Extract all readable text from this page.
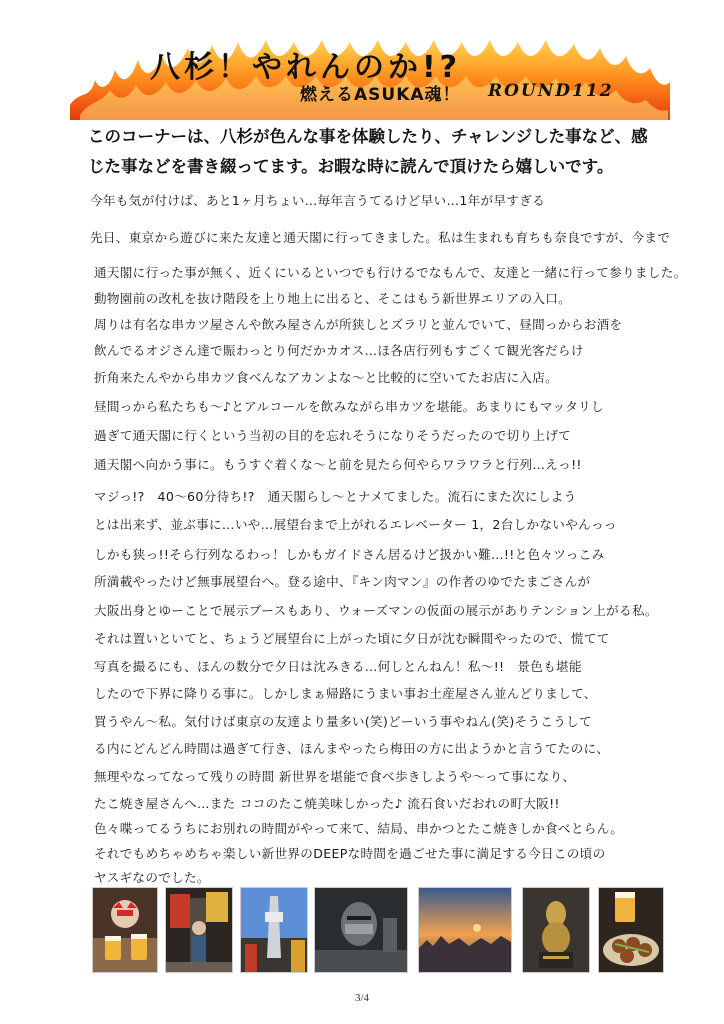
八杉！やれんのか!?
燃えるASUKA魂！ ROUND112
このコーナーは、八杉が色んな事を体験したり、チャレンジした事など、感じた事などを書き綴ってます。お暇な時に読んで頂けたら嬉しいです。
今年も気が付けば、あと1ヶ月ちょい…毎年言うてるけど早い…1年が早すぎる
先日、東京から遊びに来た友達と通天閣に行ってきました。私は生まれも育ちも奈良ですが、今まで
通天閣に行った事が無く、近くにいるといつでも行けるでなもんで、友達と一緒に行って参りました。
動物園前の改札を抜け階段を上り地上に出ると、そこはもう新世界エリアの入口。
周りは有名な串カツ屋さんや飲み屋さんが所狭しとズラリと並んでいて、昼間っからお酒を
飲んでるオジさん達で賑わっとり何だかカオス…ほ各店行列もすごくて観光客だらけ
折角来たんやから串カツ食べんなアカンよな〜と比較的に空いてたお店に入店。
昼間っから私たちも〜♪とアルコールを飲みながら串カツを堪能。あまりにもマッタリし
過ぎて通天閣に行くという当初の目的を忘れそうになりそうだったので切り上げて
通天閣へ向かう事に。もうすぐ着くな〜と前を見たら何やらワラワラと行列…えっ!!
マジっ!?　40〜60分待ち!?　通天閣らし〜とナメてました。流石にまた次にしよう
とは出来ず、並ぶ事に…いや…展望台まで上がれるエレベーター 1，2台しかないやんっっ
しかも狭っ!!そら行列なるわっ！しかもガイドさん居るけど扱かい難…!!と色々ツっこみ
所満載やったけど無事展望台へ。登る途中、『キン肉マン』の作者のゆでたまごさんが
大阪出身とゆーことで展示ブースもあり、ウォーズマンの仮面の展示がありテンション上がる私。
それは置いといてと、ちょうど展望台に上がった頃に夕日が沈む瞬間やったので、慌てて
写真を撮るにも、ほんの数分で夕日は沈みきる…何しとんねん！私〜!!　景色も堪能
したので下界に降りる事に。しかしまぁ帰路にうまい事お土産屋さん並んどりまして、
買うやん〜私。気付けば東京の友達より量多い(笑)どーいう事やねん(笑)そうこうして
る内にどんどん時間は過ぎて行き、ほんまやったら梅田の方に出ようかと言うてたのに、
無理やなってなって残りの時間 新世界を堪能で食べ歩きしようや〜って事になり、
たこ焼き屋さんへ…また ココのたこ焼美味しかった♪ 流石食いだおれの町大阪!!
色々喋ってるうちにお別れの時間がやって来て、結局、串かつとたこ焼きしか食べとらん。
それでもめちゃめちゃ楽しい新世界のDEEPな時間を過ごせた事に満足する今日この頃の
ヤスギなのでした。
3/4
